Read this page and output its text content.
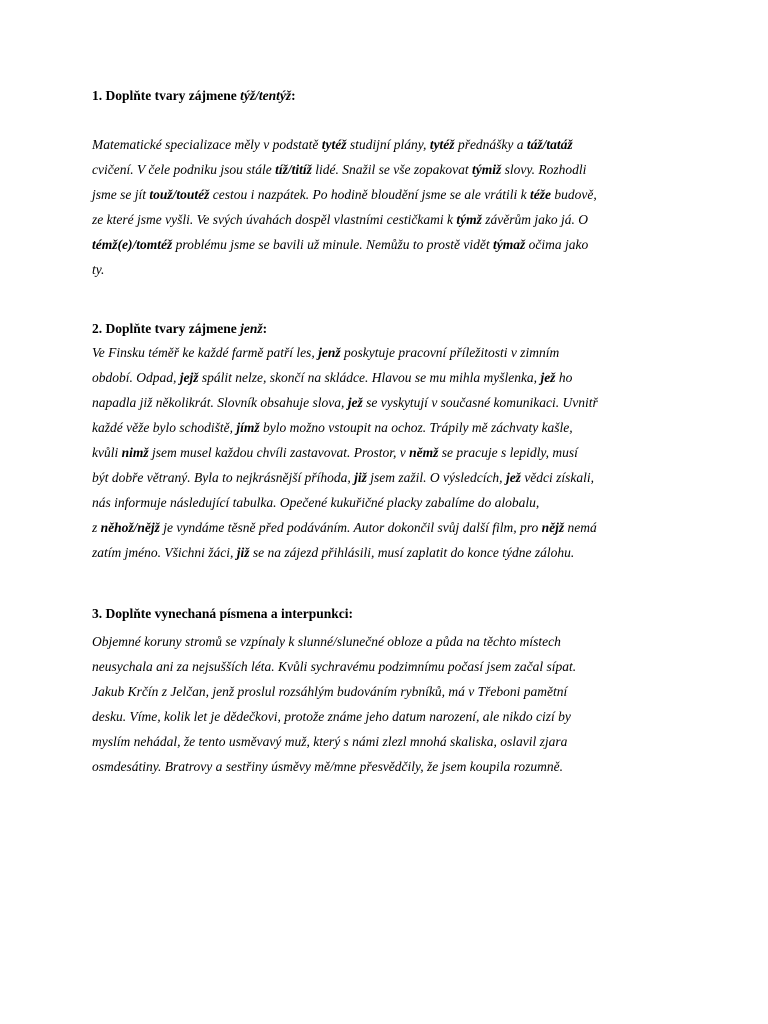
1. Doplňte tvary zájmene týž/tentýž:

Matematické specializace měly v podstatě tytéž studijní plány, tytéž přednášky a táž/tatáž
cvičení. V čele podniku jsou stále tíž/titíž lidé. Snažil se vše zopakovat týmiž slovy. Rozhodli
jsme se jít touž/toutéž cestou i nazpátek. Po hodině bloudění jsme se ale vrátili k téže budově,
ze které jsme vyšli. Ve svých úvahách dospěl vlastními cestičkami k týmž závěrům jako já. O
témž(e)/tomtéž problému jsme se bavili už minule. Nemůžu to prostě vidět týmaž očima jako
ty.

2. Doplňte tvary zájmene jenž:

Ve Finsku téměř ke každé farmě patří les, jenž poskytuje pracovní příležitosti v zimním
období. Odpad, jejž spálit nelze, skončí na skládce. Hlavou se mu mihla myšlenka, jež ho
napadla již několikrát. Slovník obsahuje slova, jež se vyskytují v současné komunikaci. Uvnitř
každé věže bylo schodiště, jímž bylo možno vstoupit na ochoz. Trápily mě záchvaty kašle,
kvůli nimž jsem musel každou chvíli zastavovat. Prostor, v němž se pracuje s lepidly, musí
být dobře větraný. Byla to nejkrásnější příhoda, již jsem zažil. O výsledcích, jež vědci získali,
nás informuje následující tabulka. Opečené kukuřičné placky zabalíme do alobalu,
z něhož/nějž je vyndáme těsně před podáváním. Autor dokončil svůj další film, pro nějž nemá
zatím jméno. Všichni žáci, již se na zájezd přihlásili, musí zaplatit do konce týdne zálohu.

3. Doplňte vynechaná písmena a interpunkci:

Objemné koruny stromů se vzpínaly k slunné/slunečné obloze a půda na těchto místech
neusychala ani za nejsušších léta. Kvůli sychravému podzimnímu počasí jsem začal sípat.
Jakub Krčín z Jelčan, jenž proslul rozsáhlým budováním rybníků, má v Třeboni pamětní
desku. Víme, kolik let je dědečkovi, protože známe jeho datum narození, ale nikdo cizí by
myslím nehádal, že tento usměvavý muž, který s námi zlezl mnohá skaliska, oslavil zjara
osmdesátiny. Bratrovy a sestřiny úsměvy mě/mne přesvědčily, že jsem koupila rozumně.
